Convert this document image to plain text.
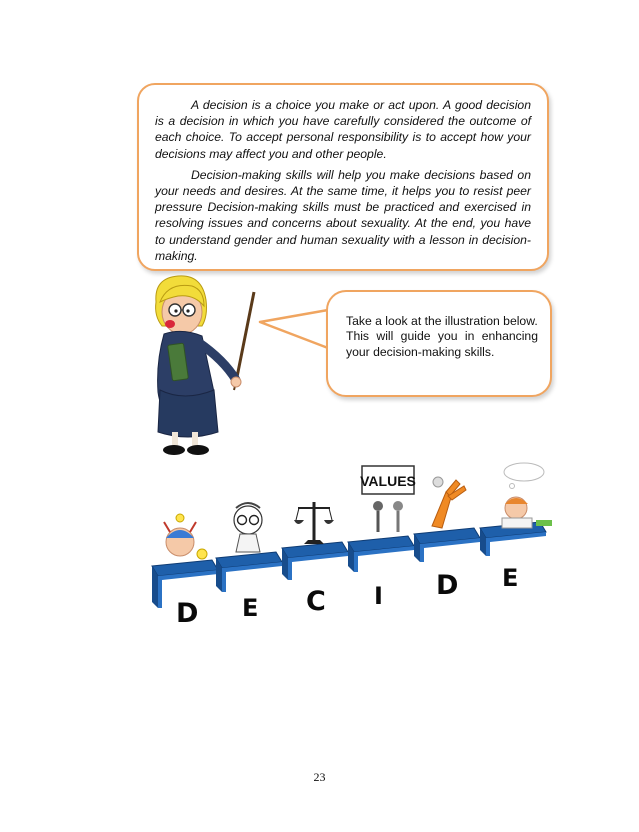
A decision is a choice you make or act upon. A good decision is a decision in which you have carefully considered the outcome of each choice. To accept personal responsibility is to accept how your decisions may affect you and other people.

Decision-making skills will help you make decisions based on your needs and desires. At the same time, it helps you to resist peer pressure Decision-making skills must be practiced and exercised in resolving issues and concerns about sexuality. At the end, you have to understand gender and human sexuality with a lesson in decision-making.

Take a look at the illustration below.

This will guide you in enhancing your decision-making skills.

VALUES
D E C I D E
23
